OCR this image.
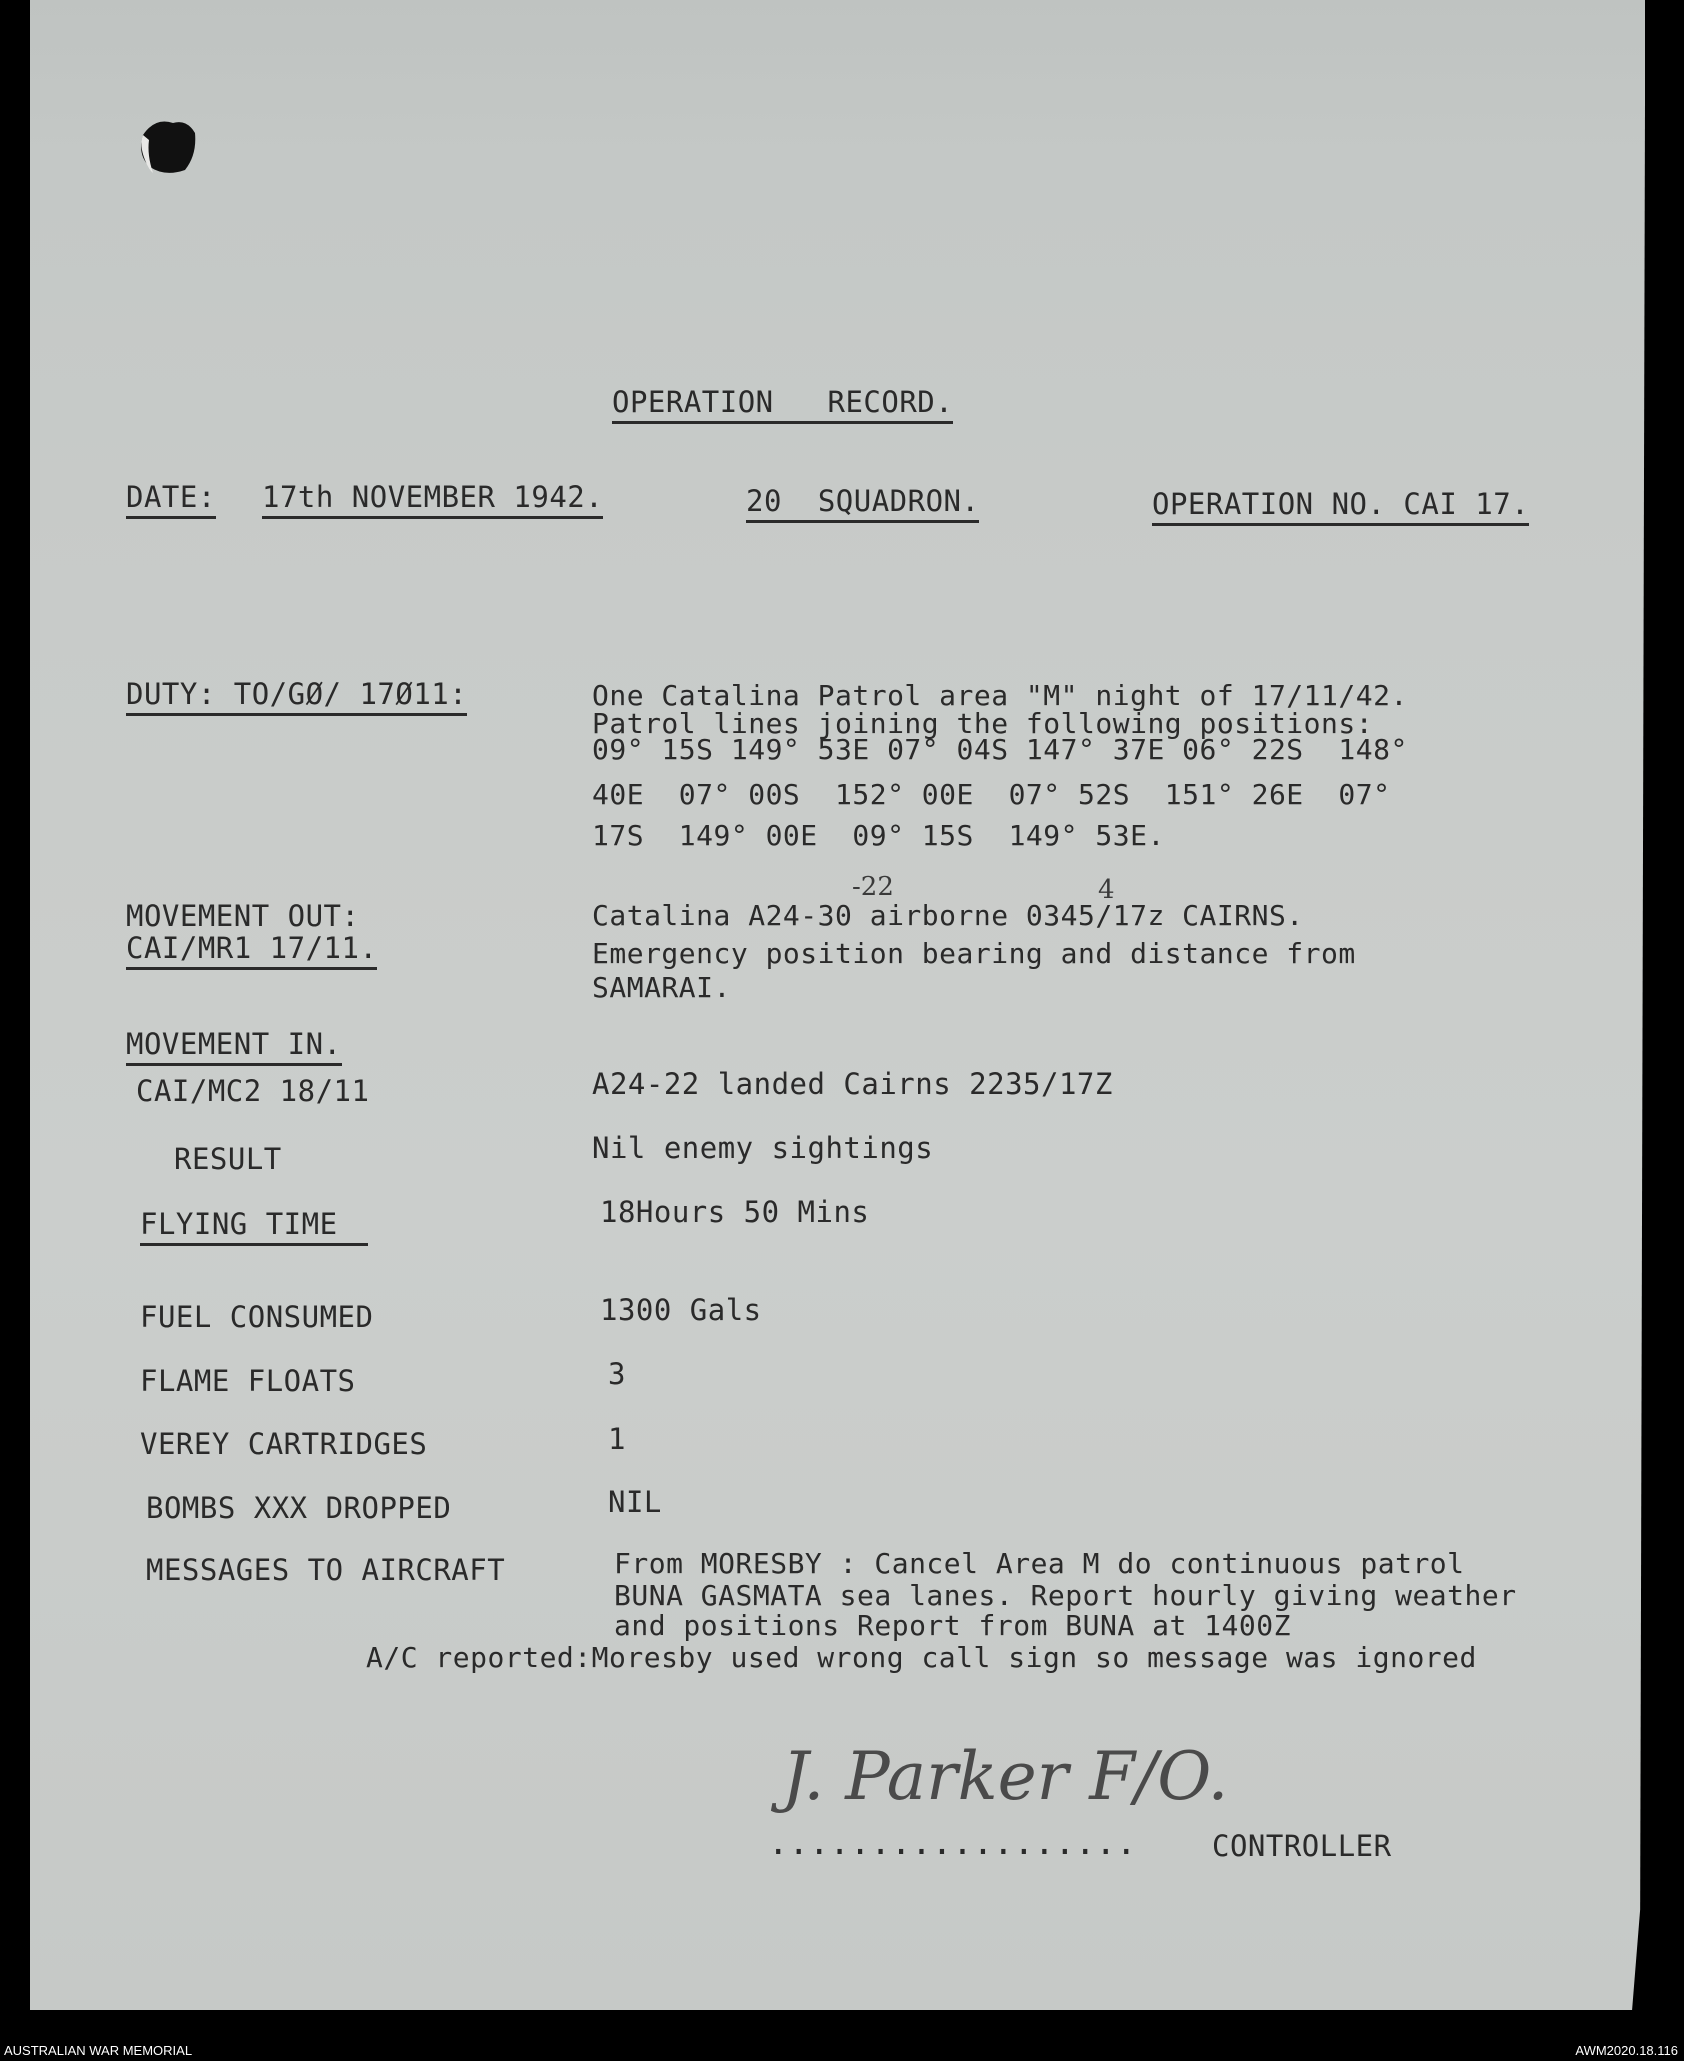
OPERATION   RECORD.
DATE: 17th NOVEMBER 1942.	20  SQUADRON.	OPERATION NO. CAI 17.
DUTY: TO/GØ/ 17Ø11:	One Catalina Patrol area "M" night of 17/11/42.
Patrol lines joining the following positions:
09° 15S 149° 53E 07° 04S 147° 37E 06° 22S  148°
40E  07° 00S  152° 00E  07° 52S  151° 26E  07°
17S  149° 00E  09° 15S  149° 53E.
-22	4
MOVEMENT OUT:
CAI/MR1 17/11.
Catalina A24-30 airborne 0345/17z CAIRNS.
Emergency position bearing and distance from
SAMARAI.
MOVEMENT IN.
CAI/MC2 18/11	A24-22 landed Cairns 2235/17Z
RESULT	Nil enemy sightings
FLYING TIME	18Hours 50 Mins
FUEL CONSUMED	1300 Gals
FLAME FLOATS	3
VEREY CARTRIDGES	1
BOMBS XXX DROPPED	NIL
MESSAGES TO AIRCRAFT	From MORESBY : Cancel Area M do continuous patrol
BUNA GASMATA sea lanes. Report hourly giving weather
and positions Report from BUNA at 1400Z
A/C reported:Moresby used wrong call sign so message was ignored
J. Parker F/O.
..................	CONTROLLER
AUSTRALIAN WAR MEMORIAL	AWM2020.18.116
